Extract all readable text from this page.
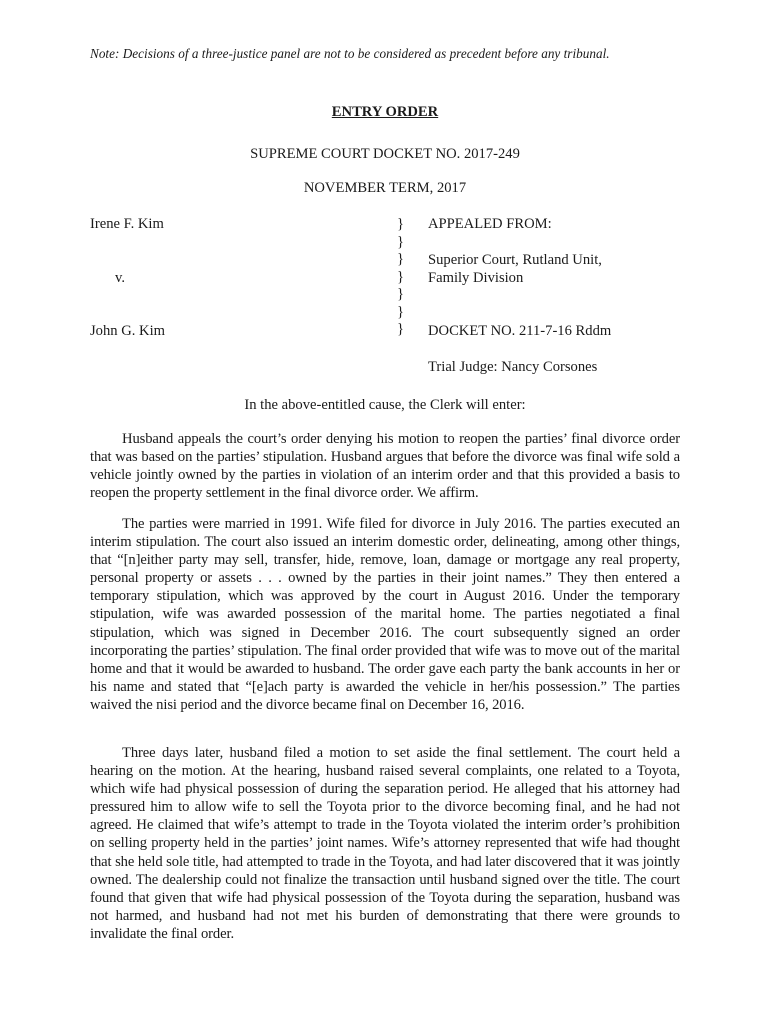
Note: Decisions of a three-justice panel are not to be considered as precedent before any tribunal.
ENTRY ORDER
SUPREME COURT DOCKET NO. 2017-249
NOVEMBER TERM, 2017
Irene F. Kim
v.
John G. Kim
}
}
}
}
}
}
}
APPEALED FROM:
Superior Court, Rutland Unit,
Family Division
DOCKET NO. 211-7-16 Rddm
Trial Judge: Nancy Corsones
In the above-entitled cause, the Clerk will enter:

Husband appeals the court’s order denying his motion to reopen the parties’ final divorce order that was based on the parties’ stipulation. Husband argues that before the divorce was final wife sold a vehicle jointly owned by the parties in violation of an interim order and that this provided a basis to reopen the property settlement in the final divorce order. We affirm.

The parties were married in 1991. Wife filed for divorce in July 2016. The parties executed an interim stipulation. The court also issued an interim domestic order, delineating, among other things, that “[n]either party may sell, transfer, hide, remove, loan, damage or mortgage any real property, personal property or assets . . . owned by the parties in their joint names.” They then entered a temporary stipulation, which was approved by the court in August 2016. Under the temporary stipulation, wife was awarded possession of the marital home. The parties negotiated a final stipulation, which was signed in December 2016. The court subsequently signed an order incorporating the parties’ stipulation. The final order provided that wife was to move out of the marital home and that it would be awarded to husband. The order gave each party the bank accounts in her or his name and stated that “[e]ach party is awarded the vehicle in her/his possession.” The parties waived the nisi period and the divorce became final on December 16, 2016.

Three days later, husband filed a motion to set aside the final settlement. The court held a hearing on the motion. At the hearing, husband raised several complaints, one related to a Toyota, which wife had physical possession of during the separation period. He alleged that his attorney had pressured him to allow wife to sell the Toyota prior to the divorce becoming final, and he had not agreed. He claimed that wife’s attempt to trade in the Toyota violated the interim order’s prohibition on selling property held in the parties’ joint names. Wife’s attorney represented that wife had thought that she held sole title, had attempted to trade in the Toyota, and had later discovered that it was jointly owned. The dealership could not finalize the transaction until husband signed over the title. The court found that given that wife had physical possession of the Toyota during the separation, husband was not harmed, and husband had not met his burden of demonstrating that there were grounds to invalidate the final order.
